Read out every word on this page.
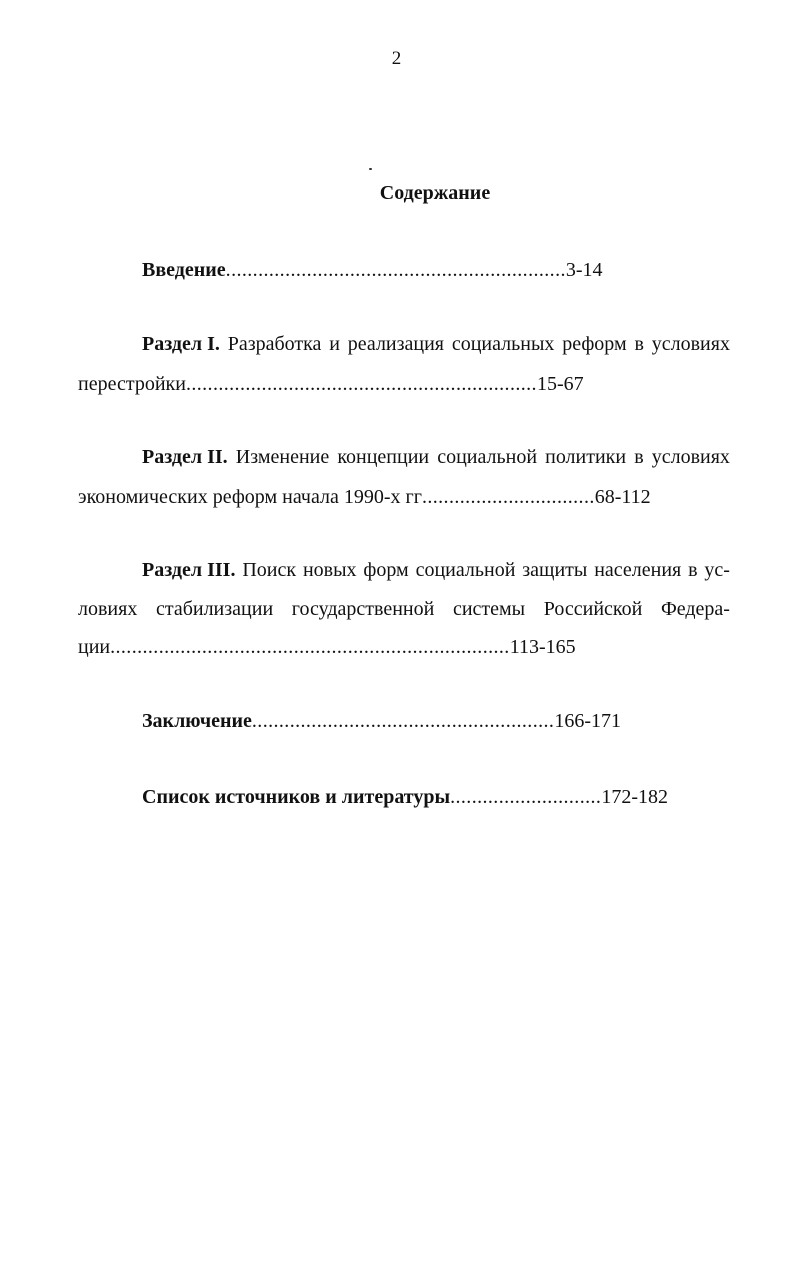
2
Содержание
Введение...............................................................3-14
Раздел I. Разработка и реализация социальных реформ в условиях
перестройки.................................................................15-67
Раздел II. Изменение концепции социальной политики в условиях
экономических реформ начала 1990-х гг................................68-112
Раздел III. Поиск новых форм социальной защиты населения в ус-
ловиях стабилизации государственной системы Российской Федера-
ции..........................................................................113-165
Заключение........................................................166-171
Список источников и литературы............................172-182
